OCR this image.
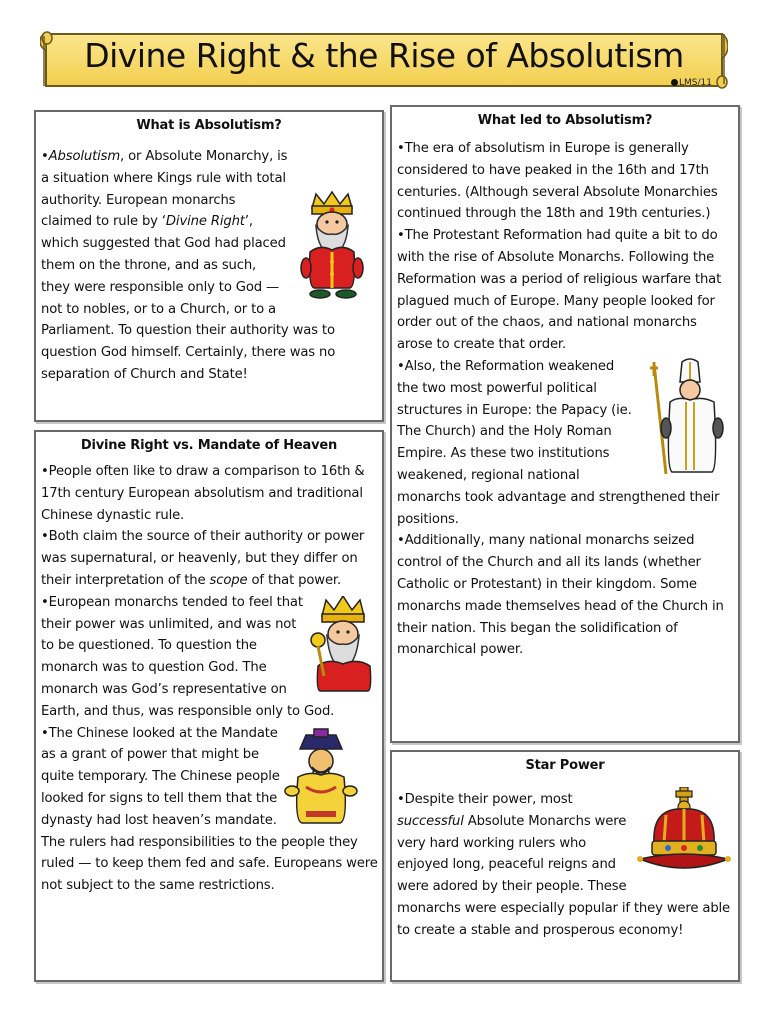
Divine Right & the Rise of Absolutism
LMS/11
What is Absolutism?

•Absolutism, or Absolute Monarchy, is a situation where Kings rule with total authority. European monarchs claimed to rule by ‘Divine Right’, which suggested that God had placed them on the throne, and as such, they were responsible only to God — not to nobles, or to a Church, or to a Parliament. To question their authority was to question God himself. Certainly, there was no separation of Church and State!

Divine Right vs. Mandate of Heaven

•People often like to draw a comparison to 16th & 17th century European absolutism and traditional Chinese dynastic rule.

•Both claim the source of their authority or power was supernatural, or heavenly, but they differ on their interpretation of the scope of that power.

•European monarchs tended to feel that their power was unlimited, and was not to be questioned. To question the monarch was to question God. The monarch was God’s representative on Earth, and thus, was responsible only to God.

•The Chinese looked at the Mandate as a grant of power that might be quite temporary. The Chinese people looked for signs to tell them that the dynasty had lost heaven’s mandate. The rulers had responsibilities to the people they ruled — to keep them fed and safe. Europeans were not subject to the same restrictions.

What led to Absolutism?

•The era of absolutism in Europe is generally considered to have peaked in the 16th and 17th centuries. (Although several Absolute Monarchies continued through the 18th and 19th centuries.)

•The Protestant Reformation had quite a bit to do with the rise of Absolute Monarchs. Following the Reformation was a period of religious warfare that plagued much of Europe. Many people looked for order out of the chaos, and national monarchs arose to create that order.

•Also, the Reformation weakened the two most powerful political structures in Europe: the Papacy (ie. The Church) and the Holy Roman Empire. As these two institutions weakened, regional national monarchs took advantage and strengthened their positions.

•Additionally, many national monarchs seized control of the Church and all its lands (whether Catholic or Protestant) in their kingdom. Some monarchs made themselves head of the Church in their nation. This began the solidification of monarchical power.

Star Power

•Despite their power, most successful Absolute Monarchs were very hard working rulers who enjoyed long, peaceful reigns and were adored by their people. These monarchs were especially popular if they were able to create a stable and prosperous economy!
